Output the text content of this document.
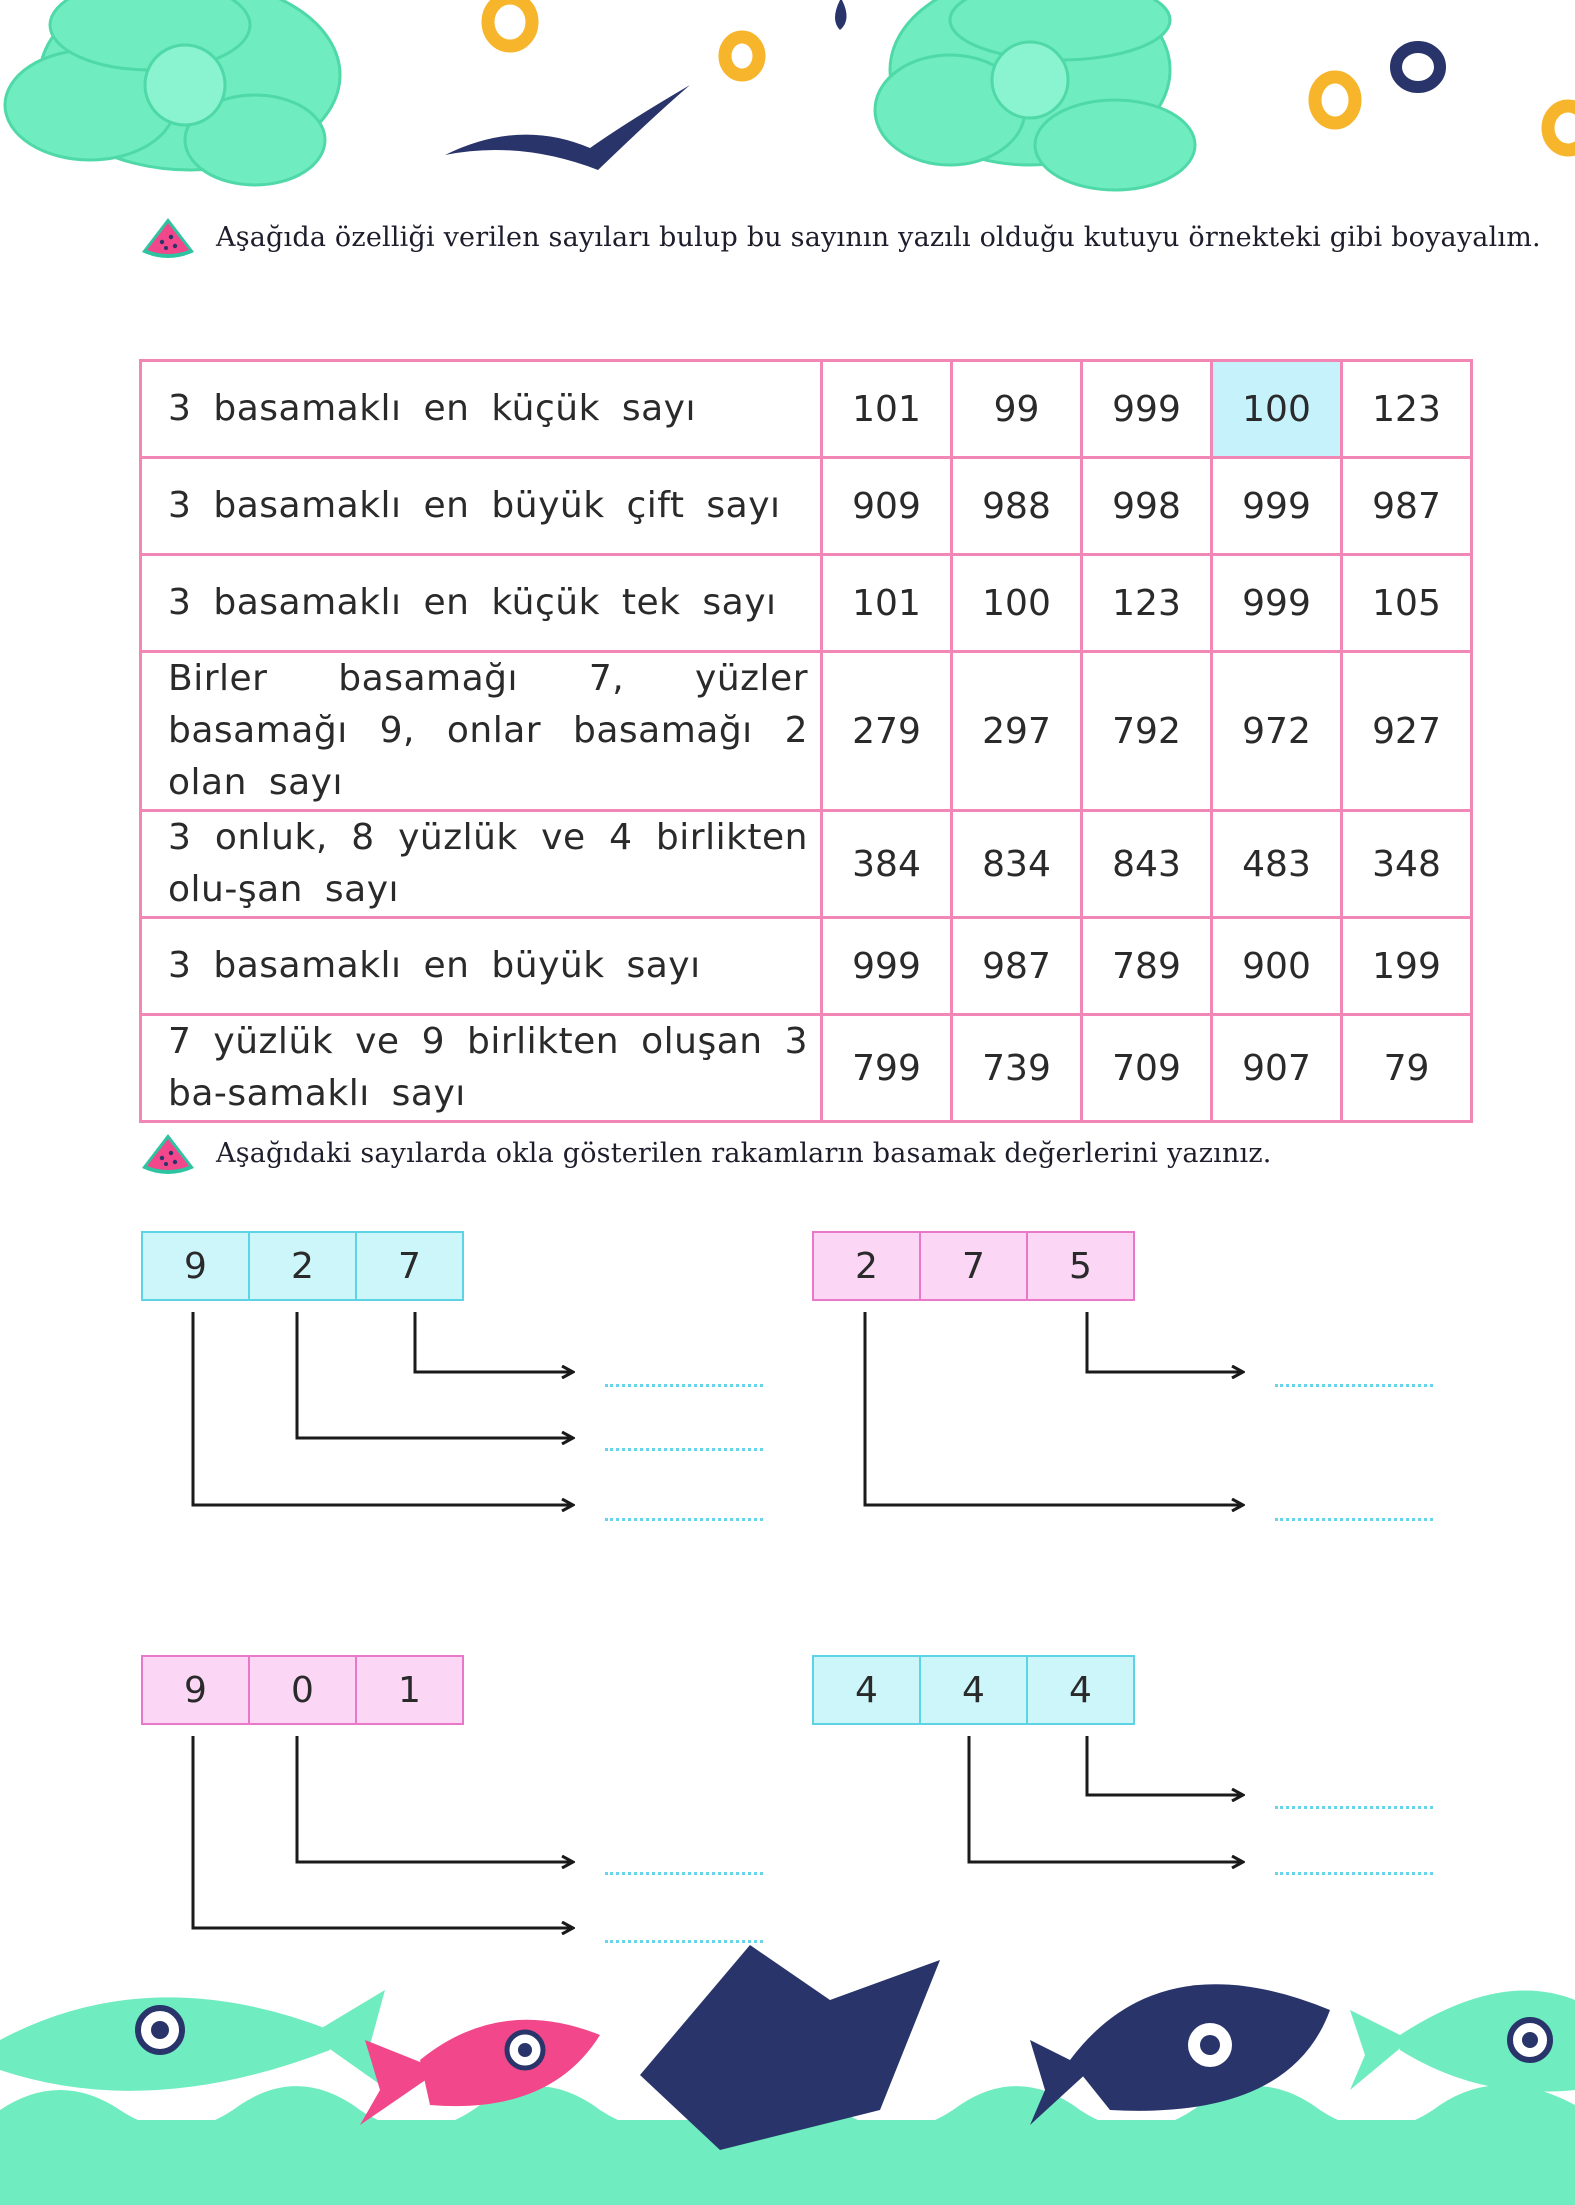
Aşağıda özelliği verilen sayıları bulup bu sayının yazılı olduğu kutuyu örnekteki gibi boyayalım.
3 basamaklı en küçük sayı	101	99	999	100	123
3 basamaklı en büyük çift sayı	909	988	998	999	987
3 basamaklı en küçük tek sayı	101	100	123	999	105
Birler basamağı 7, yüzler basamağı 9, onlar basamağı 2 olan sayı	279	297	792	972	927
3 onluk, 8 yüzlük ve 4 birlikten olu-şan sayı	384	834	843	483	348
3 basamaklı en büyük sayı	999	987	789	900	199
7 yüzlük ve 9 birlikten oluşan 3 ba-samaklı sayı	799	739	709	907	79
Aşağıdaki sayılarda okla gösterilen rakamların basamak değerlerini yazınız.
9	2	7	2	7	5
9	0	1	4	4	4
